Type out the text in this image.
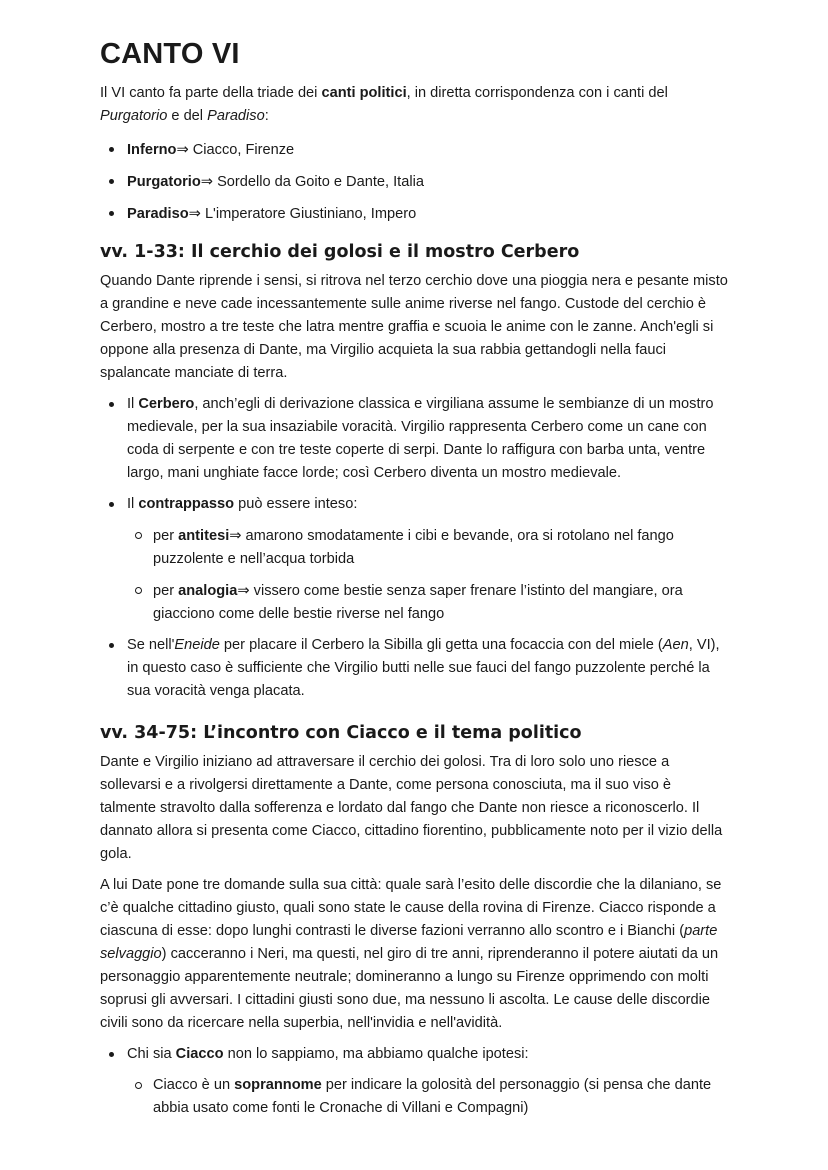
CANTO VI

Il VI canto fa parte della triade dei canti politici, in diretta corrispondenza con i canti del Purgatorio e del Paradiso:

Inferno⇒ Ciacco, Firenze
Purgatorio⇒ Sordello da Goito e Dante, Italia
Paradiso⇒ L'imperatore Giustiniano, Impero
vv. 1-33: Il cerchio dei golosi e il mostro Cerbero

Quando Dante riprende i sensi, si ritrova nel terzo cerchio dove una pioggia nera e pesante misto a grandine e neve cade incessantemente sulle anime riverse nel fango. Custode del cerchio è Cerbero, mostro a tre teste che latra mentre graffia e scuoia le anime con le zanne. Anch'egli si oppone alla presenza di Dante, ma Virgilio acquieta la sua rabbia gettandogli nella fauci spalancate manciate di terra.

Il Cerbero, anch’egli di derivazione classica e virgiliana assume le sembianze di un mostro medievale, per la sua insaziabile voracità. Virgilio rappresenta Cerbero come un cane con coda di serpente e con tre teste coperte di serpi. Dante lo raffigura con barba unta, ventre largo, mani unghiate facce lorde; così Cerbero diventa un mostro medievale.
Il contrappasso può essere inteso:
per antitesi⇒ amarono smodatamente i cibi e bevande, ora si rotolano nel fango puzzolente e nell’acqua torbida
per analogia⇒ vissero come bestie senza saper frenare l’istinto del mangiare, ora giacciono come delle bestie riverse nel fango
Se nell'Eneide per placare il Cerbero la Sibilla gli getta una focaccia con del miele (Aen, VI), in questo caso è sufficiente che Virgilio butti nelle sue fauci del fango puzzolente perché la sua voracità venga placata.
vv. 34-75: L’incontro con Ciacco e il tema politico

Dante e Virgilio iniziano ad attraversare il cerchio dei golosi. Tra di loro solo uno riesce a sollevarsi e a rivolgersi direttamente a Dante, come persona conosciuta, ma il suo viso è talmente stravolto dalla sofferenza e lordato dal fango che Dante non riesce a riconoscerlo. Il dannato allora si presenta come Ciacco, cittadino fiorentino, pubblicamente noto per il vizio della gola.

A lui Date pone tre domande sulla sua città: quale sarà l’esito delle discordie che la dilaniano, se c’è qualche cittadino giusto, quali sono state le cause della rovina di Firenze. Ciacco risponde a ciascuna di esse: dopo lunghi contrasti le diverse fazioni verranno allo scontro e i Bianchi (parte selvaggio) cacceranno i Neri, ma questi, nel giro di tre anni, riprenderanno il potere aiutati da un personaggio apparentemente neutrale; domineranno a lungo su Firenze opprimendo con molti soprusi gli avversari. I cittadini giusti sono due, ma nessuno li ascolta. Le cause delle discordie civili sono da ricercare nella superbia, nell'invidia e nell'avidità.

Chi sia Ciacco non lo sappiamo, ma abbiamo qualche ipotesi:
Ciacco è un soprannome per indicare la golosità del personaggio (si pensa che dante abbia usato come fonti le Cronache di Villani e Compagni)
